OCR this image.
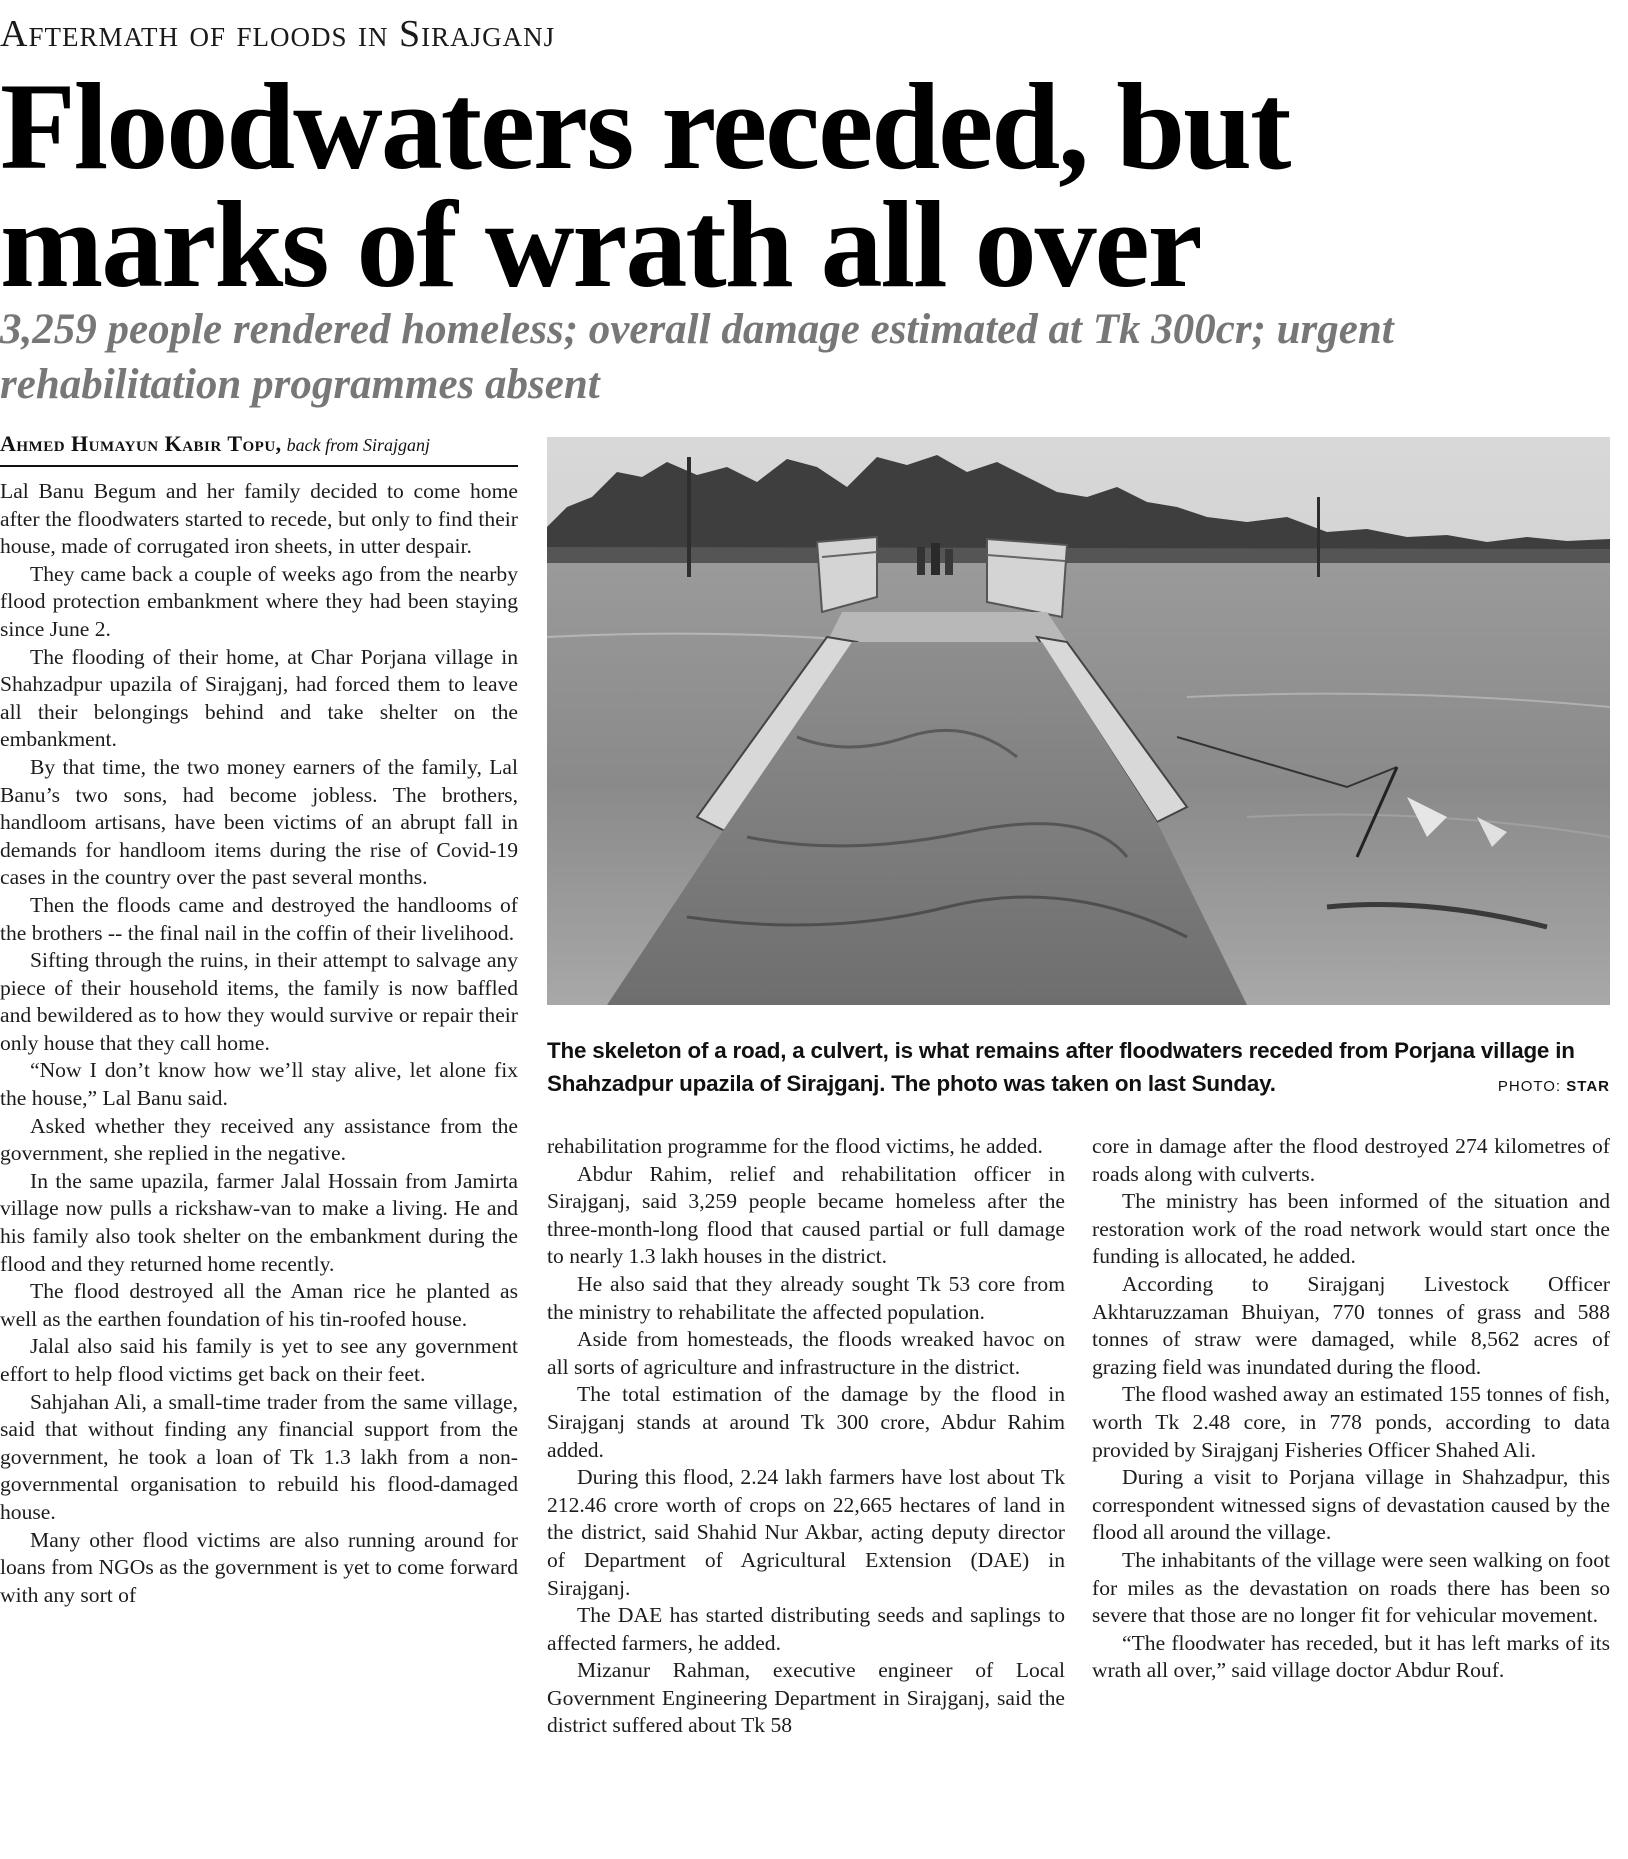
Aftermath of floods in Sirajganj
Floodwaters receded, but marks of wrath all over
3,259 people rendered homeless; overall damage estimated at Tk 300cr; urgent rehabilitation programmes absent
Ahmed Humayun Kabir Topu, back from Sirajganj

Lal Banu Begum and her family decided to come home after the floodwaters started to recede, but only to find their house, made of corrugated iron sheets, in utter despair.

They came back a couple of weeks ago from the nearby flood protection embankment where they had been staying since June 2.

The flooding of their home, at Char Porjana village in Shahzadpur upazila of Sirajganj, had forced them to leave all their belongings behind and take shelter on the embankment.

By that time, the two money earners of the family, Lal Banu’s two sons, had become jobless. The brothers, handloom artisans, have been victims of an abrupt fall in demands for handloom items during the rise of Covid-19 cases in the country over the past several months.

Then the floods came and destroyed the handlooms of the brothers -- the final nail in the coffin of their livelihood.

Sifting through the ruins, in their attempt to salvage any piece of their household items, the family is now baffled and bewildered as to how they would survive or repair their only house that they call home.

“Now I don’t know how we’ll stay alive, let alone fix the house,” Lal Banu said.

Asked whether they received any assistance from the government, she replied in the negative.

In the same upazila, farmer Jalal Hossain from Jamirta village now pulls a rickshaw-van to make a living. He and his family also took shelter on the embankment during the flood and they returned home recently.

The flood destroyed all the Aman rice he planted as well as the earthen foundation of his tin-roofed house.

Jalal also said his family is yet to see any government effort to help flood victims get back on their feet.

Sahjahan Ali, a small-time trader from the same village, said that without finding any financial support from the government, he took a loan of Tk 1.3 lakh from a non-governmental organisation to rebuild his flood-damaged house.

Many other flood victims are also running around for loans from NGOs as the government is yet to come forward with any sort of

The skeleton of a road, a culvert, is what remains after floodwaters receded from Porjana village in Shahzadpur upazila of Sirajganj. The photo was taken on last Sunday.	PHOTO: STAR

rehabilitation programme for the flood victims, he added.

Abdur Rahim, relief and rehabilitation officer in Sirajganj, said 3,259 people became homeless after the three-month-long flood that caused partial or full damage to nearly 1.3 lakh houses in the district.

He also said that they already sought Tk 53 core from the ministry to rehabilitate the affected population.

Aside from homesteads, the floods wreaked havoc on all sorts of agriculture and infrastructure in the district.

The total estimation of the damage by the flood in Sirajganj stands at around Tk 300 crore, Abdur Rahim added.

During this flood, 2.24 lakh farmers have lost about Tk 212.46 crore worth of crops on 22,665 hectares of land in the district, said Shahid Nur Akbar, acting deputy director of Department of Agricultural Extension (DAE) in Sirajganj.

The DAE has started distributing seeds and saplings to affected farmers, he added.

Mizanur Rahman, executive engineer of Local Government Engineering Department in Sirajganj, said the district suffered about Tk 58

core in damage after the flood destroyed 274 kilometres of roads along with culverts.

The ministry has been informed of the situation and restoration work of the road network would start once the funding is allocated, he added.

According to Sirajganj Livestock Officer Akhtaruzzaman Bhuiyan, 770 tonnes of grass and 588 tonnes of straw were damaged, while 8,562 acres of grazing field was inundated during the flood.

The flood washed away an estimated 155 tonnes of fish, worth Tk 2.48 core, in 778 ponds, according to data provided by Sirajganj Fisheries Officer Shahed Ali.

During a visit to Porjana village in Shahzadpur, this correspondent witnessed signs of devastation caused by the flood all around the village.

The inhabitants of the village were seen walking on foot for miles as the devastation on roads there has been so severe that those are no longer fit for vehicular movement.

“The floodwater has receded, but it has left marks of its wrath all over,” said village doctor Abdur Rouf.
